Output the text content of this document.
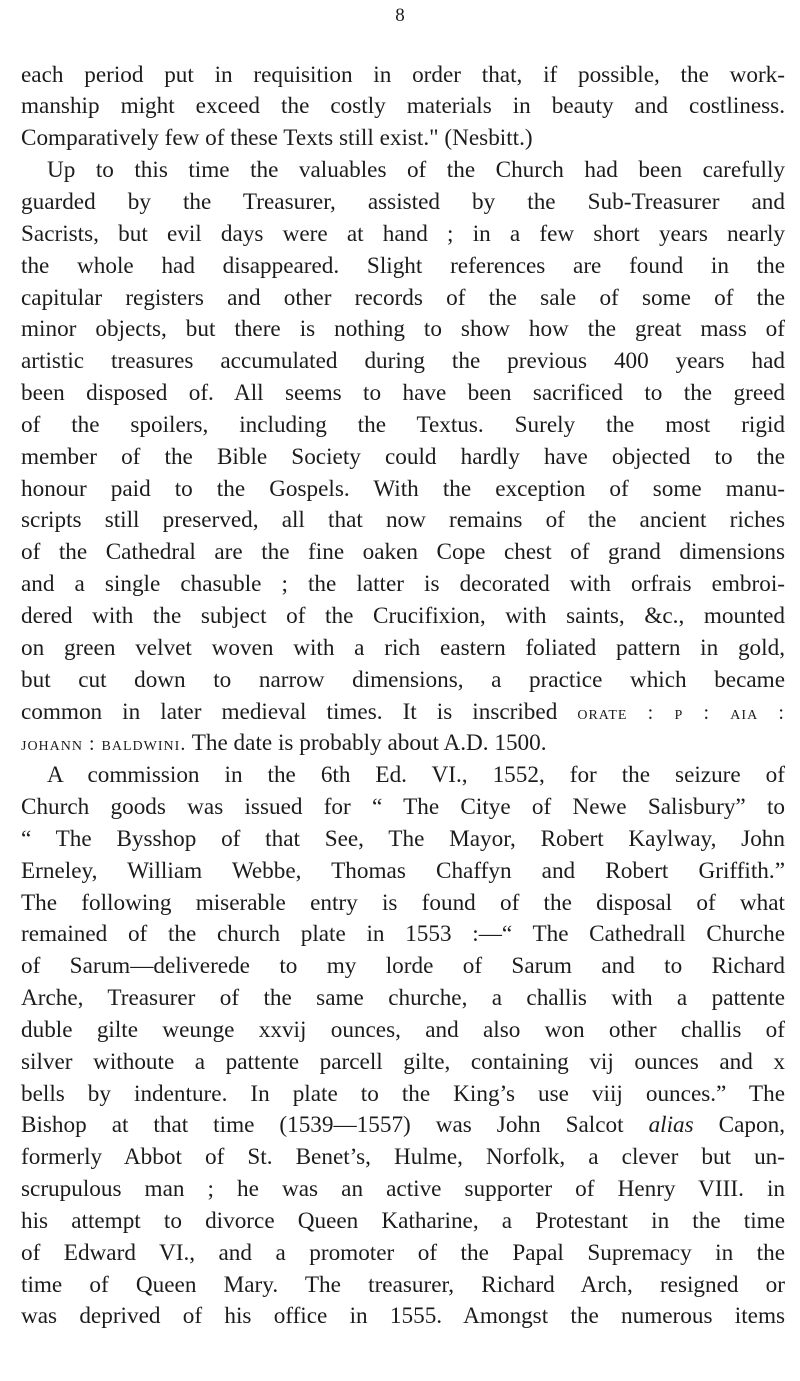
8
each period put in requisition in order that, if possible, the work-
manship might exceed the costly materials in beauty and costliness.
Comparatively few of these Texts still exist." (Nesbitt.)
Up to this time the valuables of the Church had been carefully
guarded by the Treasurer, assisted by the Sub-Treasurer and
Sacrists, but evil days were at hand ; in a few short years nearly
the whole had disappeared. Slight references are found in the
capitular registers and other records of the sale of some of the
minor objects, but there is nothing to show how the great mass of
artistic treasures accumulated during the previous 400 years had
been disposed of. All seems to have been sacrificed to the greed
of the spoilers, including the Textus. Surely the most rigid
member of the Bible Society could hardly have objected to the
honour paid to the Gospels. With the exception of some manu-
scripts still preserved, all that now remains of the ancient riches
of the Cathedral are the fine oaken Cope chest of grand dimensions
and a single chasuble ; the latter is decorated with orfrais embroi-
dered with the subject of the Crucifixion, with saints, &c., mounted
on green velvet woven with a rich eastern foliated pattern in gold,
but cut down to narrow dimensions, a practice which became
common in later medieval times. It is inscribed orate : p : aia :
johann : baldwini. The date is probably about A.D. 1500.
A commission in the 6th Ed. VI., 1552, for the seizure of
Church goods was issued for “ The Citye of Newe Salisbury” to
“ The Bysshop of that See, The Mayor, Robert Kaylway, John
Erneley, William Webbe, Thomas Chaffyn and Robert Griffith.”
The following miserable entry is found of the disposal of what
remained of the church plate in 1553 :—“ The Cathedrall Churche
of Sarum—deliverede to my lorde of Sarum and to Richard
Arche, Treasurer of the same churche, a challis with a pattente
duble gilte weunge xxvij ounces, and also won other challis of
silver withoute a pattente parcell gilte, containing vij ounces and x
bells by indenture. In plate to the King’s use viij ounces.” The
Bishop at that time (1539—1557) was John Salcot alias Capon,
formerly Abbot of St. Benet’s, Hulme, Norfolk, a clever but un-
scrupulous man ; he was an active supporter of Henry VIII. in
his attempt to divorce Queen Katharine, a Protestant in the time
of Edward VI., and a promoter of the Papal Supremacy in the
time of Queen Mary. The treasurer, Richard Arch, resigned or
was deprived of his office in 1555. Amongst the numerous items
